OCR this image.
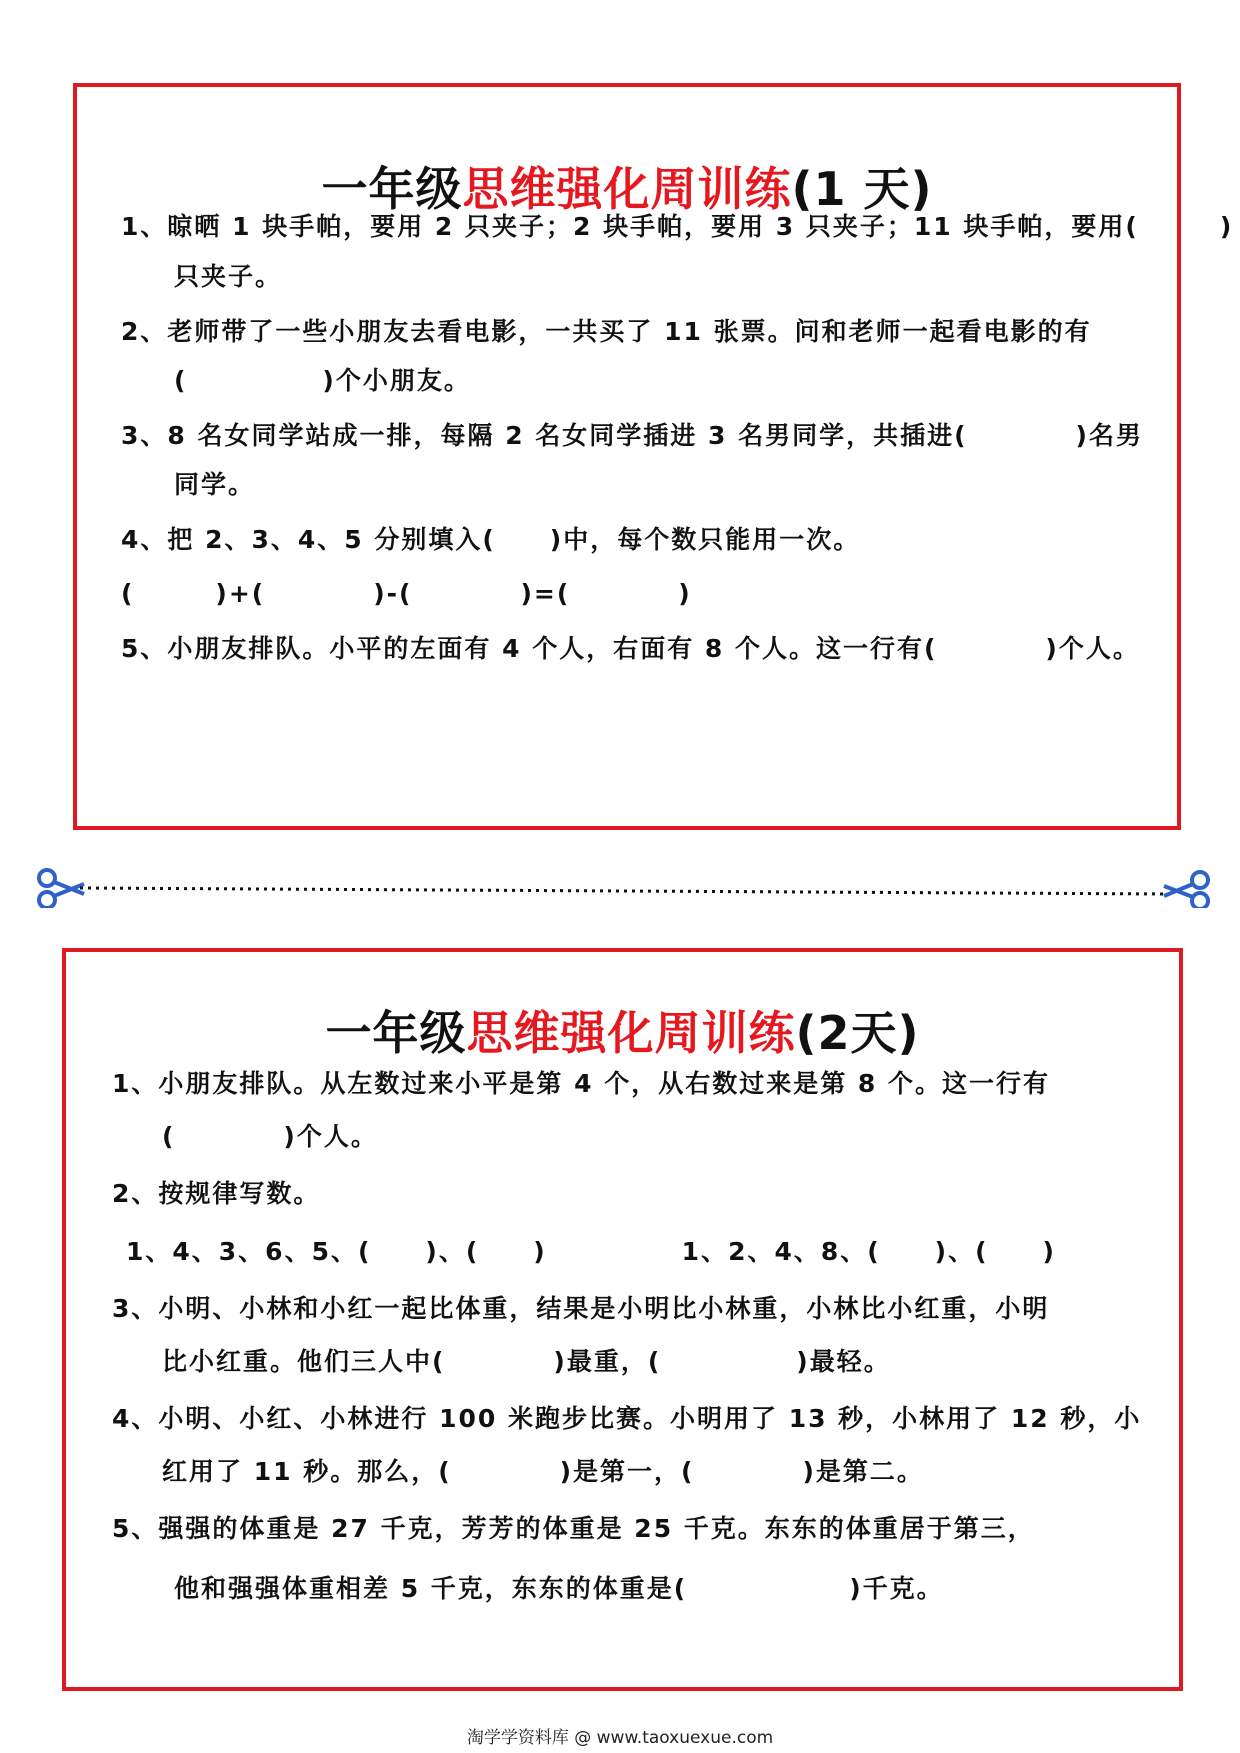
一年级思维强化周训练(1 天)
1、晾晒 1 块手帕，要用 2 只夹子；2 块手帕，要用 3 只夹子；11 块手帕，要用(　　　)
只夹子。
2、老师带了一些小朋友去看电影，一共买了 11 张票。问和老师一起看电影的有
(　　　　　)个小朋友。
3、8 名女同学站成一排，每隔 2 名女同学插进 3 名男同学，共插进(　　　　)名男
同学。
4、把 2、3、4、5 分别填入(　　)中，每个数只能用一次。
(　　　)+(　　　　)-(　　　　)=(　　　　)
5、小朋友排队。小平的左面有 4 个人，右面有 8 个人。这一行有(　　　　)个人。
一年级思维强化周训练(2天)
1、小朋友排队。从左数过来小平是第 4 个，从右数过来是第 8 个。这一行有
(　　　　)个人。
2、按规律写数。
1、4、3、6、5、(　　)、(　　)　　　　　1、2、4、8、(　　)、(　　)
3、小明、小林和小红一起比体重，结果是小明比小林重，小林比小红重，小明
比小红重。他们三人中(　　　　)最重，(　　　　　)最轻。
4、小明、小红、小林进行 100 米跑步比赛。小明用了 13 秒，小林用了 12 秒，小
红用了 11 秒。那么，(　　　　)是第一，(　　　　)是第二。
5、强强的体重是 27 千克，芳芳的体重是 25 千克。东东的体重居于第三，
他和强强体重相差 5 千克，东东的体重是(　　　　　　)千克。
淘学学资料库 @ www.taoxuexue.com
